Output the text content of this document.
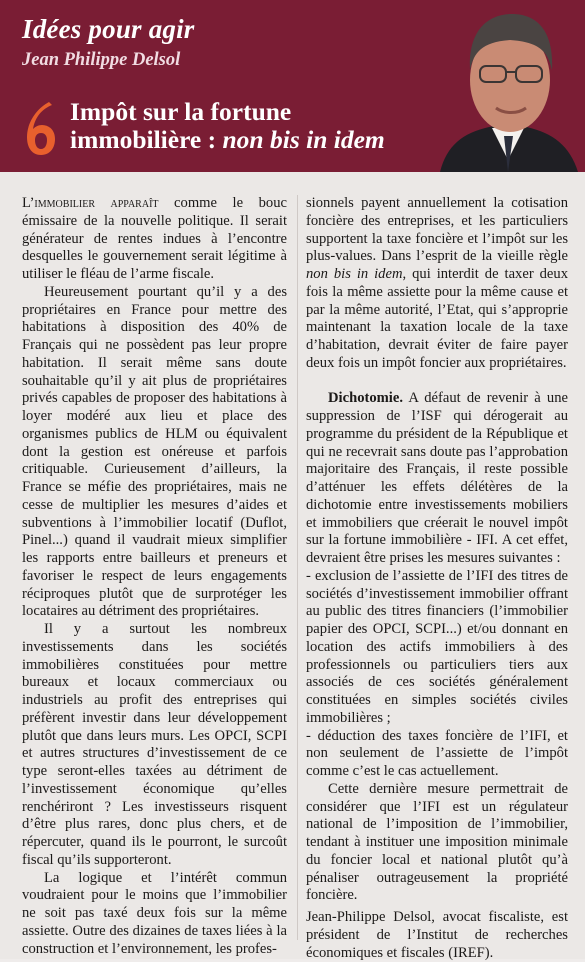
Idées pour agir
Jean Philippe Delsol
6 Impôt sur la fortune
immobilière : non bis in idem

L’immobilier apparaît comme le bouc émissaire de la nouvelle politique. Il serait générateur de rentes indues à l’encontre desquelles le gouvernement serait légitime à utiliser le fléau de l’arme fiscale.

Heureusement pourtant qu’il y a des propriétaires en France pour mettre des habitations à disposition des 40% de Français qui ne possèdent pas leur propre habitation. Il serait même sans doute souhaitable qu’il y ait plus de propriétaires privés capables de proposer des habitations à loyer modéré aux lieu et place des organismes publics de HLM ou équivalent dont la gestion est onéreuse et parfois critiquable. Curieusement d’ailleurs, la France se méfie des propriétaires, mais ne cesse de multiplier les mesures d’aides et subventions à l’immobilier locatif (Duflot, Pinel...) quand il vaudrait mieux simplifier les rapports entre bailleurs et preneurs et favoriser le respect de leurs engagements réciproques plutôt que de surprotéger les locataires au détriment des propriétaires.

Il y a surtout les nombreux investissements dans les sociétés immobilières constituées pour mettre bureaux et locaux commerciaux ou industriels au profit des entreprises qui préfèrent investir dans leur développement plutôt que dans leurs murs. Les OPCI, SCPI et autres structures d’investissement de ce type seront-elles taxées au détriment de l’investissement économique qu’elles renchériront ? Les investisseurs risquent d’être plus rares, donc plus chers, et de répercuter, quand ils le pourront, le surcoût fiscal qu’ils supporteront.

La logique et l’intérêt commun voudraient pour le moins que l’immobilier ne soit pas taxé deux fois sur la même assiette. Outre des dizaines de taxes liées à la construction et l’environnement, les profes-

sionnels payent annuellement la cotisation foncière des entreprises, et les particuliers supportent la taxe foncière et l’impôt sur les plus-values. Dans l’esprit de la vieille règle non bis in idem, qui interdit de taxer deux fois la même assiette pour la même cause et par la même autorité, l’Etat, qui s’approprie maintenant la taxation locale de la taxe d’habitation, devrait éviter de faire payer deux fois un impôt foncier aux propriétaires.

Dichotomie. A défaut de revenir à une suppression de l’ISF qui dérogerait au programme du président de la République et qui ne recevrait sans doute pas l’approbation majoritaire des Français, il reste possible d’atténuer les effets délétères de la dichotomie entre investissements mobiliers et immobiliers que créerait le nouvel impôt sur la fortune immobilière - IFI. A cet effet, devraient être prises les mesures suivantes :

- exclusion de l’assiette de l’IFI des titres de sociétés d’investissement immobilier offrant au public des titres financiers (l’immobilier papier des OPCI, SCPI...) et/ou donnant en location des actifs immobiliers à des professionnels ou particuliers tiers aux associés de ces sociétés généralement constituées en simples sociétés civiles immobilières ;

- déduction des taxes foncière de l’IFI, et non seulement de l’assiette de l’impôt comme c’est le cas actuellement.

Cette dernière mesure permettrait de considérer que l’IFI est un régulateur national de l’imposition de l’immobilier, tendant à instituer une imposition minimale du foncier local et national plutôt qu’à pénaliser outrageusement la propriété foncière.

Jean-Philippe Delsol, avocat fiscaliste, est président de l’Institut de recherches économiques et fiscales (IREF).
